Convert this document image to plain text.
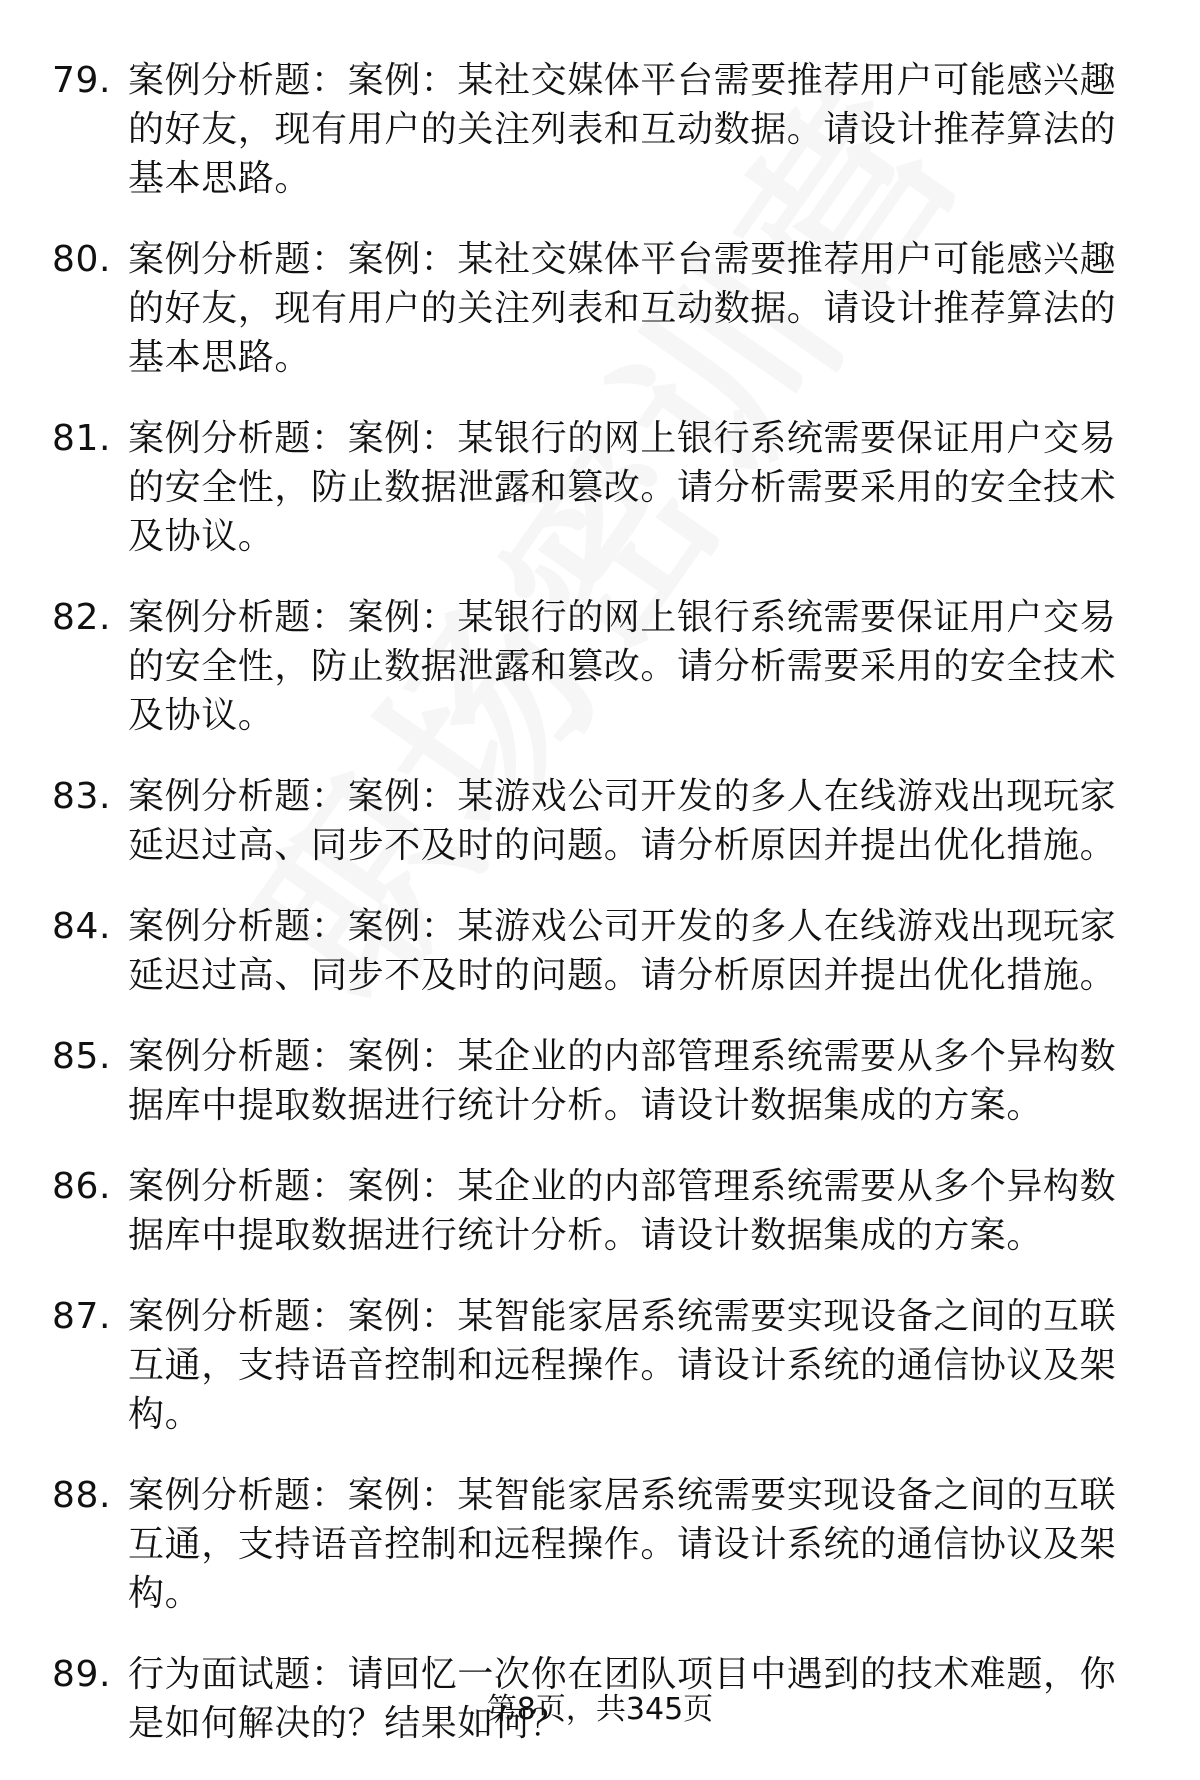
79. 案例分析题：案例：某社交媒体平台需要推荐用户可能感兴趣的好友，现有用户的关注列表和互动数据。请设计推荐算法的基本思路。
80. 案例分析题：案例：某社交媒体平台需要推荐用户可能感兴趣的好友，现有用户的关注列表和互动数据。请设计推荐算法的基本思路。
81. 案例分析题：案例：某银行的网上银行系统需要保证用户交易的安全性，防止数据泄露和篡改。请分析需要采用的安全技术及协议。
82. 案例分析题：案例：某银行的网上银行系统需要保证用户交易的安全性，防止数据泄露和篡改。请分析需要采用的安全技术及协议。
83. 案例分析题：案例：某游戏公司开发的多人在线游戏出现玩家延迟过高、同步不及时的问题。请分析原因并提出优化措施。
84. 案例分析题：案例：某游戏公司开发的多人在线游戏出现玩家延迟过高、同步不及时的问题。请分析原因并提出优化措施。
85. 案例分析题：案例：某企业的内部管理系统需要从多个异构数据库中提取数据进行统计分析。请设计数据集成的方案。
86. 案例分析题：案例：某企业的内部管理系统需要从多个异构数据库中提取数据进行统计分析。请设计数据集成的方案。
87. 案例分析题：案例：某智能家居系统需要实现设备之间的互联互通，支持语音控制和远程操作。请设计系统的通信协议及架构。
88. 案例分析题：案例：某智能家居系统需要实现设备之间的互联互通，支持语音控制和远程操作。请设计系统的通信协议及架构。
89. 行为面试题：请回忆一次你在团队项目中遇到的技术难题，你是如何解决的？结果如何？
第8页，共345页
